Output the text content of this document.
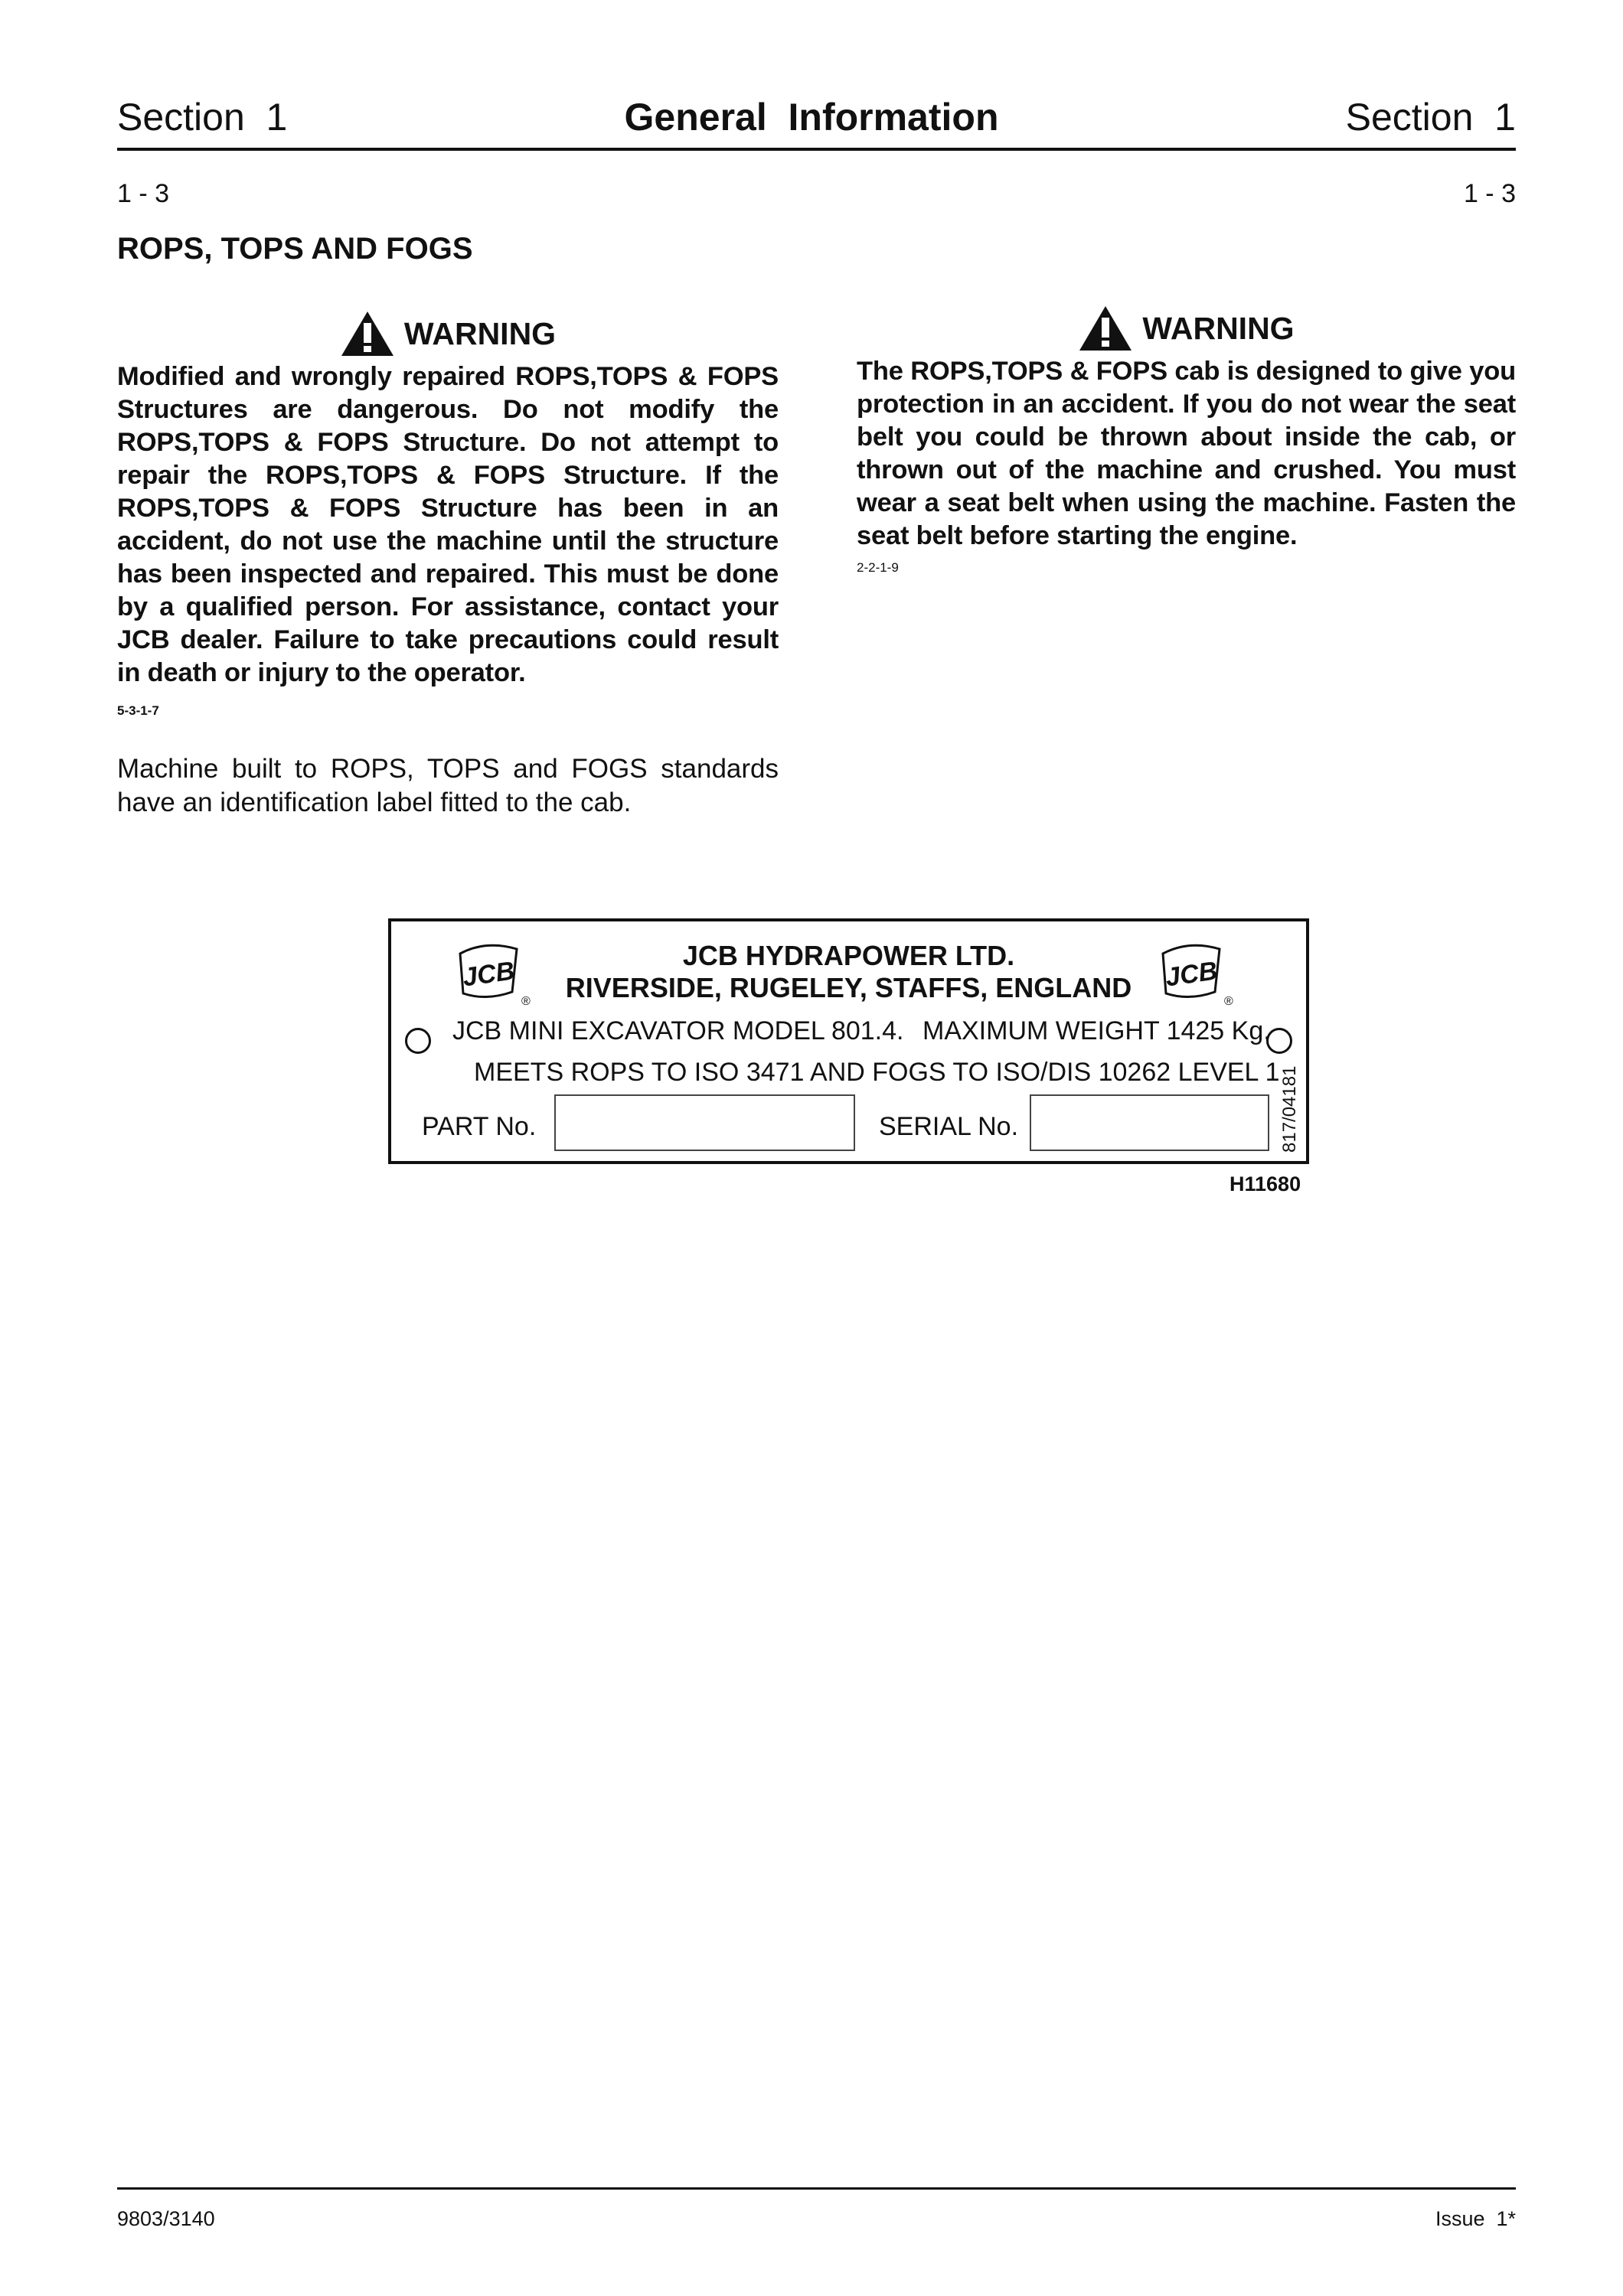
Section  1	General  Information	Section  1
1 - 3	1 - 3
ROPS, TOPS AND FOGS
WARNING
Modified and wrongly repaired ROPS,TOPS & FOPS Structures are dangerous. Do not modify the ROPS,TOPS & FOPS Structure. Do not attempt to repair the ROPS,TOPS & FOPS Structure. If the ROPS,TOPS & FOPS Structure has been in an accident, do not use the machine until the structure has been inspected and repaired. This must be done by a qualified person. For assistance, contact your JCB dealer. Failure to take precautions could result in death or injury to the operator.
5-3-1-7
WARNING
The ROPS,TOPS & FOPS cab is designed to give you protection in an accident. If you do not wear the seat belt you could be thrown about inside the cab, or thrown out of the machine and crushed. You must wear a seat belt when using the machine. Fasten the seat belt before starting the engine.
2-2-1-9
Machine built to ROPS, TOPS and FOGS standards have an identification label fitted to the cab.
JCB
®
JCB
®
JCB HYDRAPOWER LTD.
RIVERSIDE, RUGELEY, STAFFS, ENGLAND
JCB MINI EXCAVATOR MODEL 801.4. MAXIMUM WEIGHT 1425 Kg.
MEETS ROPS TO ISO 3471 AND FOGS TO ISO/DIS 10262 LEVEL 1
PART No.	SERIAL No.	817/04181
H11680
9803/3140	Issue  1*
